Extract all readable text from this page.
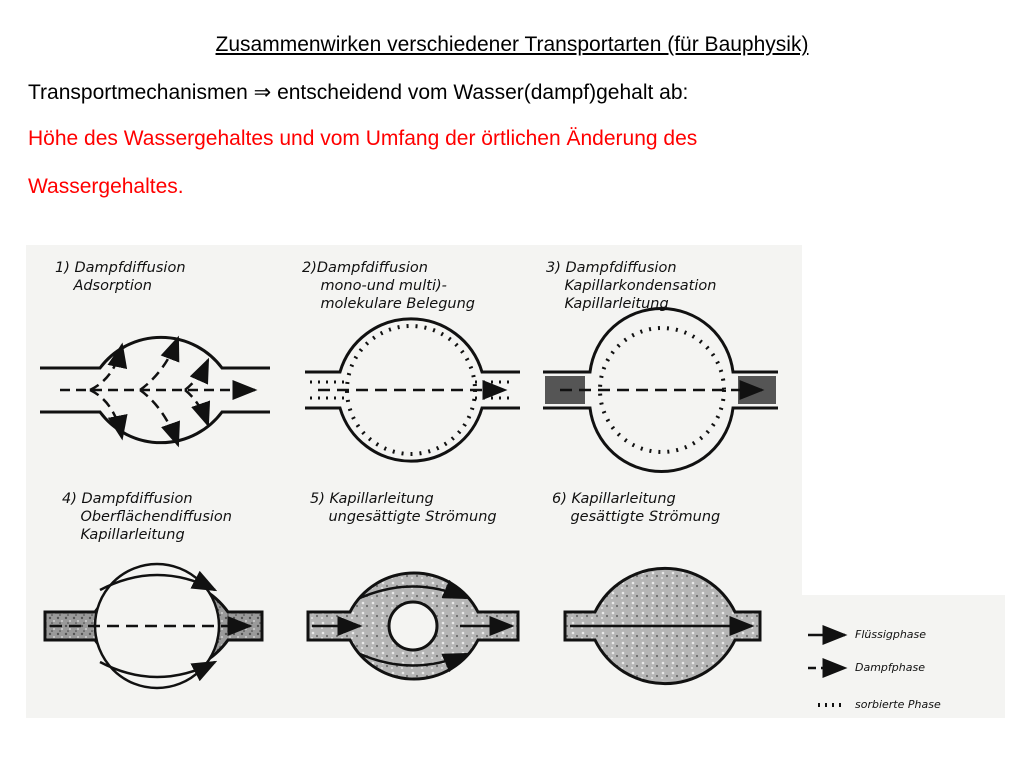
Zusammenwirken verschiedener Transportarten (für Bauphysik)
Transportmechanismen ⇒ entscheidend vom Wasser(dampf)gehalt ab:
Höhe des Wassergehaltes und vom Umfang der örtlichen Änderung des
Wassergehaltes.
1) Dampfdiffusion
Adsorption
2)Dampfdiffusion
mono-und multi)-
molekulare Belegung
3) Dampfdiffusion
Kapillarkondensation
Kapillarleitung
4) Dampfdiffusion
Oberflächendiffusion
Kapillarleitung
5) Kapillarleitung
ungesättigte Strömung
6) Kapillarleitung
gesättigte Strömung
Flüssigphase
Dampfphase
sorbierte Phase
